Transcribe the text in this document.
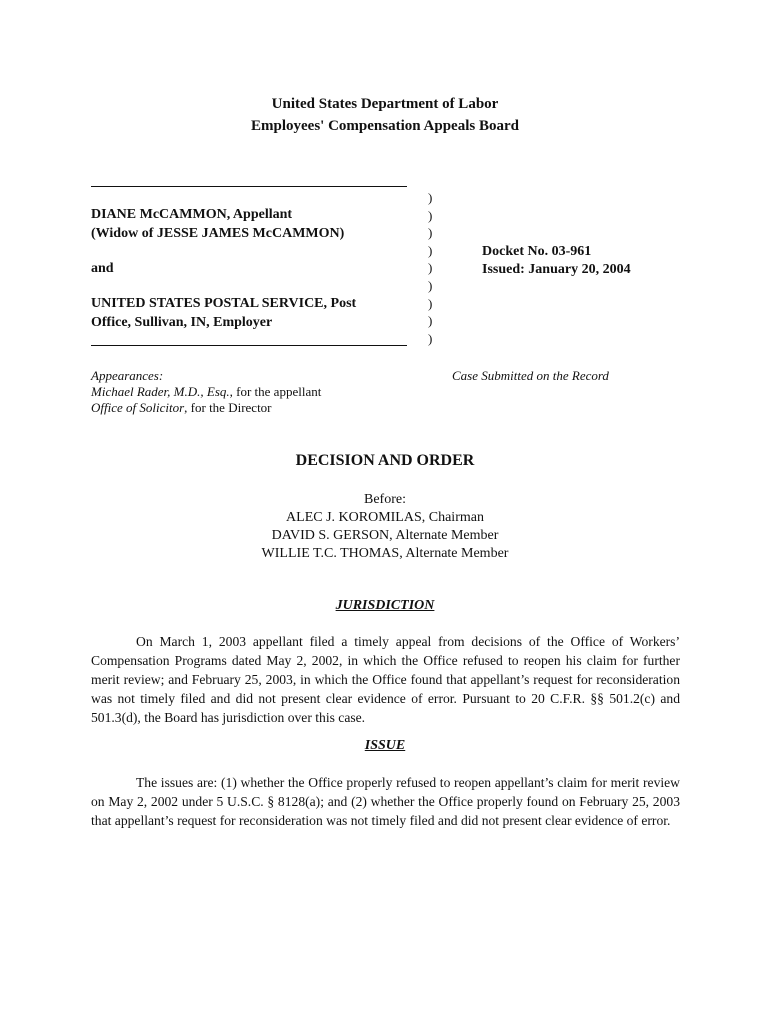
United States Department of Labor
Employees' Compensation Appeals Board
DIANE McCAMMON, Appellant
(Widow of JESSE JAMES McCAMMON)
and
UNITED STATES POSTAL SERVICE, Post
Office, Sullivan, IN, Employer
)
)
)
)
)
)
)
)
)
Docket No. 03-961
Issued: January 20, 2004
Appearances:
Michael Rader, M.D., Esq., for the appellant
Office of Solicitor, for the Director
Case Submitted on the Record
DECISION AND ORDER
Before:
ALEC J. KOROMILAS, Chairman
DAVID S. GERSON, Alternate Member
WILLIE T.C. THOMAS, Alternate Member
JURISDICTION
On March 1, 2003 appellant filed a timely appeal from decisions of the Office of Workers’ Compensation Programs dated May 2, 2002, in which the Office refused to reopen his claim for further merit review; and February 25, 2003, in which the Office found that appellant’s request for reconsideration was not timely filed and did not present clear evidence of error. Pursuant to 20 C.F.R. §§ 501.2(c) and 501.3(d), the Board has jurisdiction over this case.
ISSUE
The issues are: (1) whether the Office properly refused to reopen appellant’s claim for merit review on May 2, 2002 under 5 U.S.C. § 8128(a); and (2) whether the Office properly found on February 25, 2003 that appellant’s request for reconsideration was not timely filed and did not present clear evidence of error.
